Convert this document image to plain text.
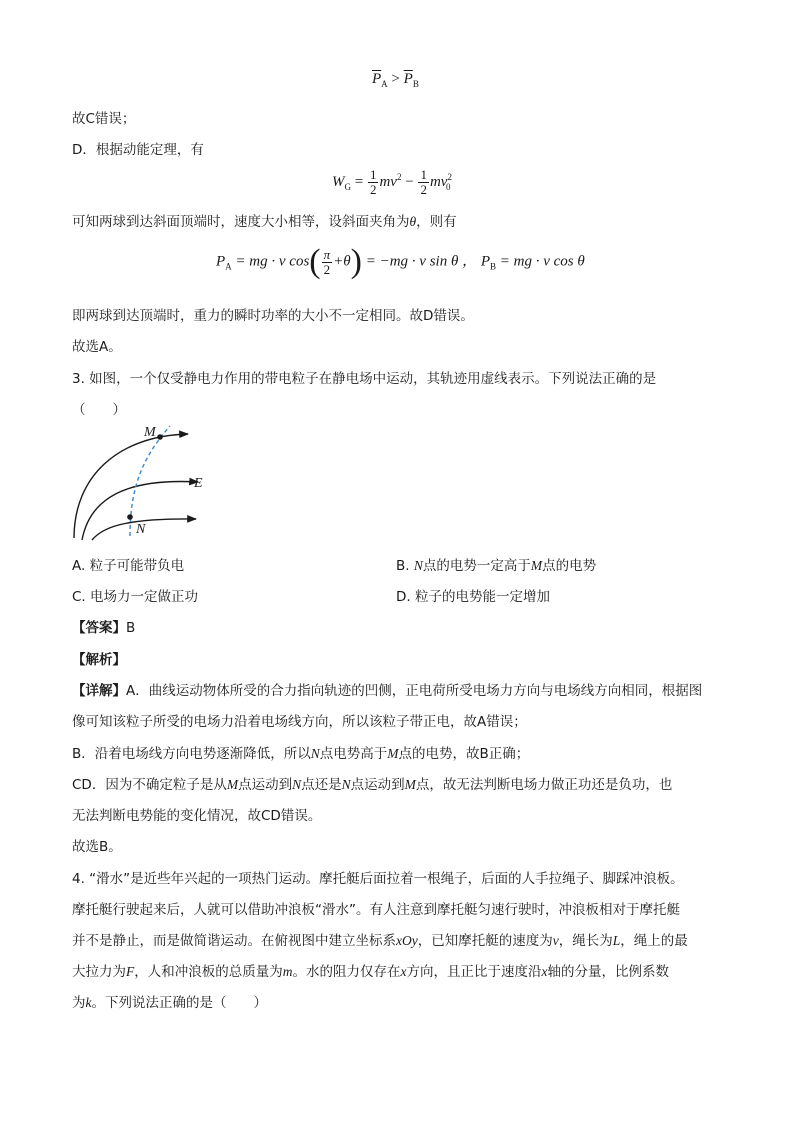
$\overline{P}_A > \overline{P}_B$
故C错误；
D．根据动能定理，有
$W_G = \frac{1}{2} mv^2 - \frac{1}{2} mv^2_0$
可知两球到达斜面顶端时，速度大小相等，设斜面夹角为θ，则有
$P_A$ = mg · v $\cos( \frac{\pi}{2} +\theta) = -mg \cdot v$ sin θ ， $P_B$ = mg · v cos θ
即两球到达顶端时，重力的瞬时功率的大小不一定相同。故D错误。
故选A。
3. 如图，一个仅受静电力作用的带电粒子在静电场中运动，其轨迹用虚线表示。下列说法正确的是
（　　）
M
E
N
A. 粒子可能带负电	B. N点的电势一定高于M点的电势
C. 电场力一定做正功	D. 粒子的电势能一定增加
【答案】B
【解析】
【详解】A．曲线运动物体所受的合力指向轨迹的凹侧，正电荷所受电场力方向与电场线方向相同，根据图
像可知该粒子所受的电场力沿着电场线方向，所以该粒子带正电，故A错误；
B．沿着电场线方向电势逐渐降低，所以N点电势高于M点的电势，故B正确；
CD．因为不确定粒子是从M点运动到N点还是N点运动到M点，故无法判断电场力做正功还是负功，也
无法判断电势能的变化情况，故CD错误。
故选B。
4. “滑水”是近些年兴起的一项热门运动。摩托艇后面拉着一根绳子，后面的人手拉绳子、脚踩冲浪板。
摩托艇行驶起来后，人就可以借助冲浪板“滑水”。有人注意到摩托艇匀速行驶时，冲浪板相对于摩托艇
并不是静止，而是做简谐运动。在俯视图中建立坐标系xOy，已知摩托艇的速度为v，绳长为L，绳上的最
大拉力为F，人和冲浪板的总质量为m。水的阻力仅存在x方向，且正比于速度沿x轴的分量，比例系数
为k。下列说法正确的是（　　）
